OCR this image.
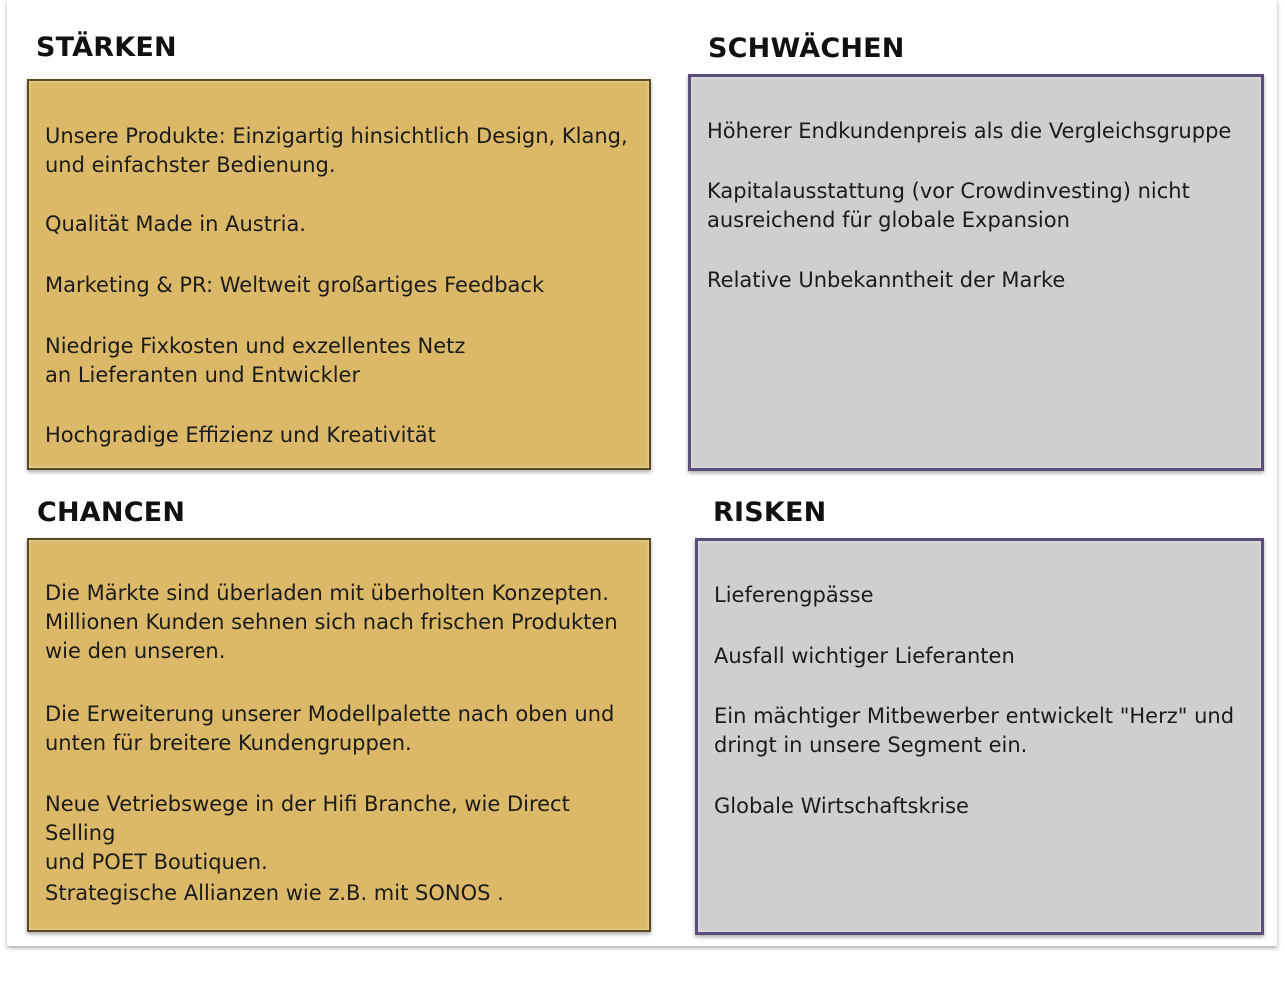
STÄRKEN

Unsere Produkte: Einzigartig hinsichtlich Design, Klang,
und einfachster Bedienung.

Qualität Made in Austria.

Marketing & PR: Weltweit großartiges Feedback

Niedrige Fixkosten und exzellentes Netz
an Lieferanten und Entwickler

Hochgradige Effizienz und Kreativität

SCHWÄCHEN

Höherer Endkundenpreis als die Vergleichsgruppe

Kapitalausstattung (vor Crowdinvesting) nicht
ausreichend für globale Expansion

Relative Unbekanntheit der Marke

CHANCEN

Die Märkte sind überladen mit überholten Konzepten.
Millionen Kunden sehnen sich nach frischen Produkten
wie den unseren.

Die Erweiterung unserer Modellpalette nach oben und
unten für breitere Kundengruppen.

Neue Vetriebswege in der Hifi Branche, wie Direct Selling
und POET Boutiquen.

Strategische Allianzen wie z.B. mit SONOS .

RISKEN

Lieferengpässe

Ausfall wichtiger Lieferanten

Ein mächtiger Mitbewerber entwickelt "Herz" und
dringt in unsere Segment ein.

Globale Wirtschaftskrise
